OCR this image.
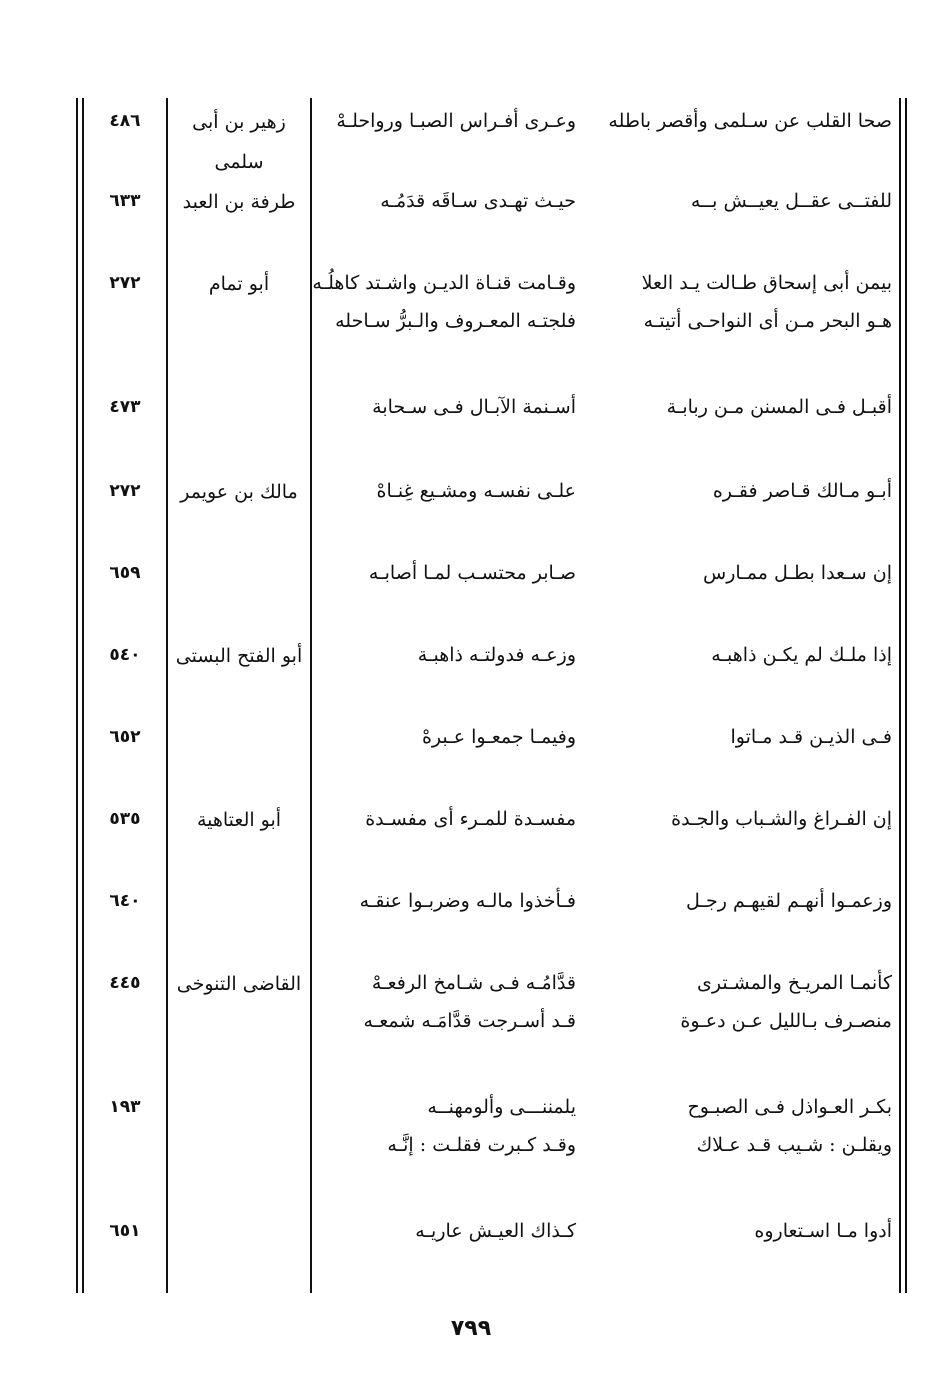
صحا القلب عن سـلمى وأقصر باطله
وعـرى أفـراس الصبـا ورواحلـهْ
زهير بن أبى سلمى
٤٨٦
للفتــى عقــل يعيــش بــه
حيـث تهـدى سـاقَه قدَمُـه
طرفة بن العبد
٦٣٣
بيمن أبى إسحاق طـالت يـد العلا
هـو البحر مـن أى النواحـى أتيتـه
وقـامت قنـاة الديـن واشـتد كاهلُـه
فلجتـه المعـروف والـبرُّ سـاحله
أبو تمام
٢٧٢
أقبـل فـى المسنن مـن ربابـة
أسـنمة الآبـال فـى سـحابة
٤٧٣
أبـو مـالك قـاصر فقـره
علـى نفسـه ومشـيع غِنـاهْ
مالك بن عويمر
٢٧٢
إن سـعدا بطـل ممـارس
صـابر محتسـب لمـا أصابـه
٦٥٩
إذا ملـك لم يكـن ذاهبـه
وزعـه فدولتـه ذاهبـة
أبو الفتح البستى
٥٤٠
فـى الذيـن قـد مـاتوا
وفيمـا جمعـوا عـبرهْ
٦٥٢
إن الفـراغ والشـباب والجـدة
مفسـدة للمـرء أى مفسـدة
أبو العتاهية
٥٣٥
وزعمـوا أنهـم لقيهـم رجـل
فـأخذوا مالـه وضربـوا عنقـه
٦٤٠
كأنمـا المريـخ والمشـترى
منصـرف بـالليل عـن دعـوة
قدَّامُـه فـى شـامخ الرفعـهْ
قـد أسـرجت قدَّامَـه شمعـه
القاضى التنوخى
٤٤٥
بكـر العـواذل فـى الصبـوح
ويقلـن : شـيب قـد عـلاك
يلمننـــى وألومهنــه
وقـد كـبرت فقلـت : إنَّـه
١٩٣
أدوا مـا اسـتعاروه
كـذاك العيـش عاريـه
٦٥١
٧٩٩
